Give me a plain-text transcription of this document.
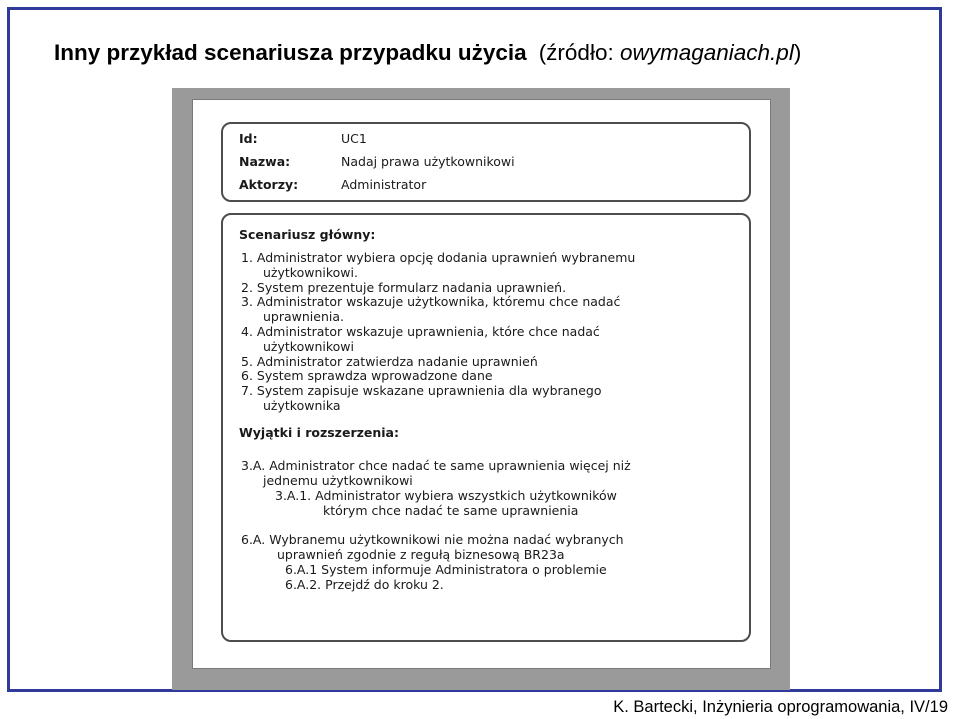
Inny przykład scenariusza przypadku użycia (źródło: owymaganiach.pl)
Id:	UC1
Nazwa:	Nadaj prawa użytkownikowi
Aktorzy:	Administrator
Scenariusz główny:
1. Administrator wybiera opcję dodania uprawnień wybranemu
użytkownikowi.
2. System prezentuje formularz nadania uprawnień.
3. Administrator wskazuje użytkownika, któremu chce nadać
uprawnienia.
4. Administrator wskazuje uprawnienia, które chce nadać
użytkownikowi
5. Administrator zatwierdza nadanie uprawnień
6. System sprawdza wprowadzone dane
7. System zapisuje wskazane uprawnienia dla wybranego
użytkownika
Wyjątki i rozszerzenia:
3.A. Administrator chce nadać te same uprawnienia więcej niż
jednemu użytkownikowi
3.A.1. Administrator wybiera wszystkich użytkowników
którym chce nadać te same uprawnienia
6.A. Wybranemu użytkownikowi nie można nadać wybranych
uprawnień zgodnie z regułą biznesową BR23a
6.A.1 System informuje Administratora o problemie
6.A.2. Przejdź do kroku 2.
K. Bartecki, Inżynieria oprogramowania, IV/19
